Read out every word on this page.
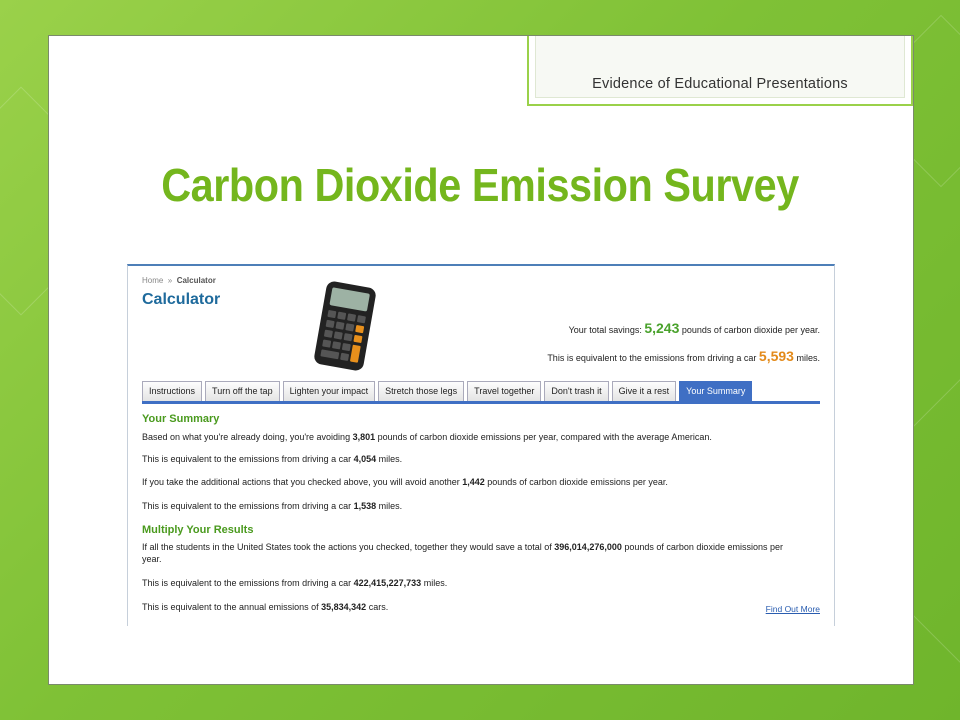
Evidence of Educational Presentations
Carbon Dioxide Emission Survey
Home » Calculator
Calculator
Your total savings: 5,243 pounds of carbon dioxide per year.
This is equivalent to the emissions from driving a car 5,593 miles.
Instructions	Turn off the tap	Lighten your impact	Stretch those legs	Travel together	Don't trash it	Give it a rest	Your Summary
Your Summary
Based on what you're already doing, you're avoiding 3,801 pounds of carbon dioxide emissions per year, compared with the average American.
This is equivalent to the emissions from driving a car 4,054 miles.
If you take the additional actions that you checked above, you will avoid another 1,442 pounds of carbon dioxide emissions per year.
This is equivalent to the emissions from driving a car 1,538 miles.
Multiply Your Results
If all the students in the United States took the actions you checked, together they would save a total of 396,014,276,000 pounds of carbon dioxide emissions per year.
This is equivalent to the emissions from driving a car 422,415,227,733 miles.
This is equivalent to the annual emissions of 35,834,342 cars.	Find Out More
